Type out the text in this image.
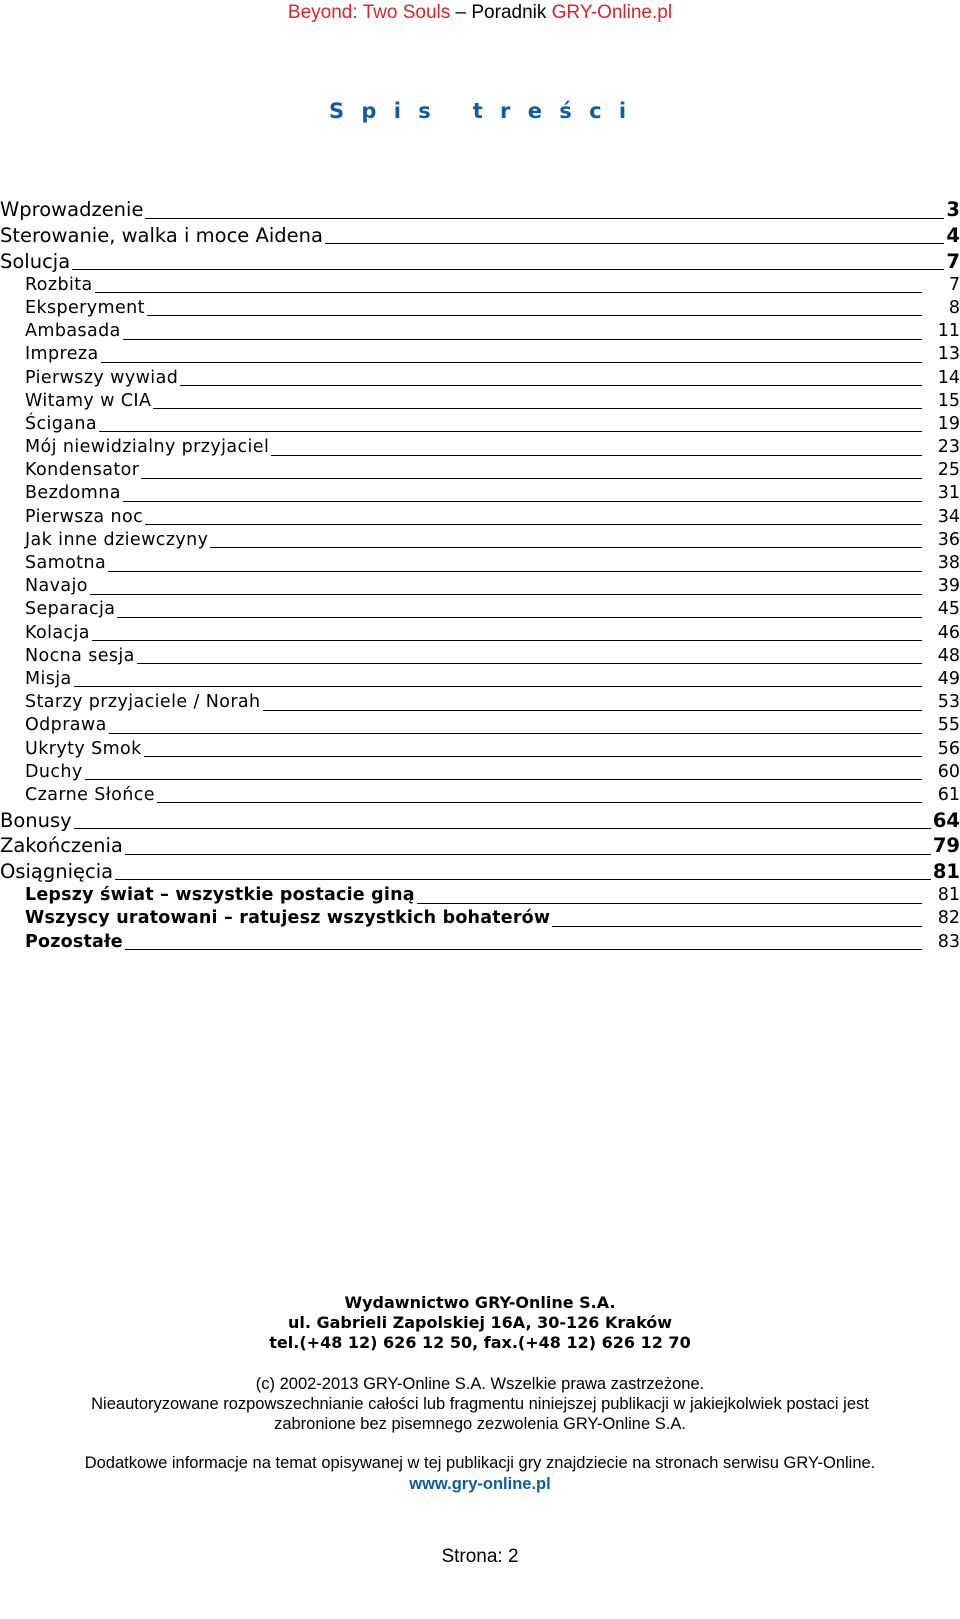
Beyond: Two Souls – Poradnik GRY-Online.pl
S p i s   t r e ś c i
Wprowadzenie	3
Sterowanie, walka i moce Aidena	4
Solucja	7
Rozbita	7
Eksperyment	8
Ambasada	11
Impreza	13
Pierwszy wywiad	14
Witamy w CIA	15
Ścigana	19
Mój niewidzialny przyjaciel	23
Kondensator	25
Bezdomna	31
Pierwsza noc	34
Jak inne dziewczyny	36
Samotna	38
Navajo	39
Separacja	45
Kolacja	46
Nocna sesja	48
Misja	49
Starzy przyjaciele / Norah	53
Odprawa	55
Ukryty Smok	56
Duchy	60
Czarne Słońce	61
Bonusy	64
Zakończenia	79
Osiągnięcia	81
Lepszy świat – wszystkie postacie giną	81
Wszyscy uratowani – ratujesz wszystkich bohaterów	82
Pozostałe	83
Wydawnictwo GRY-Online S.A.
ul. Gabrieli Zapolskiej 16A, 30-126 Kraków
tel.(+48 12) 626 12 50, fax.(+48 12) 626 12 70
(c) 2002-2013 GRY-Online S.A. Wszelkie prawa zastrzeżone.
Nieautoryzowane rozpowszechnianie całości lub fragmentu niniejszej publikacji w jakiejkolwiek postaci jest
zabronione bez pisemnego zezwolenia GRY-Online S.A.
Dodatkowe informacje na temat opisywanej w tej publikacji gry znajdziecie na stronach serwisu GRY-Online.
www.gry-online.pl
Strona: 2
